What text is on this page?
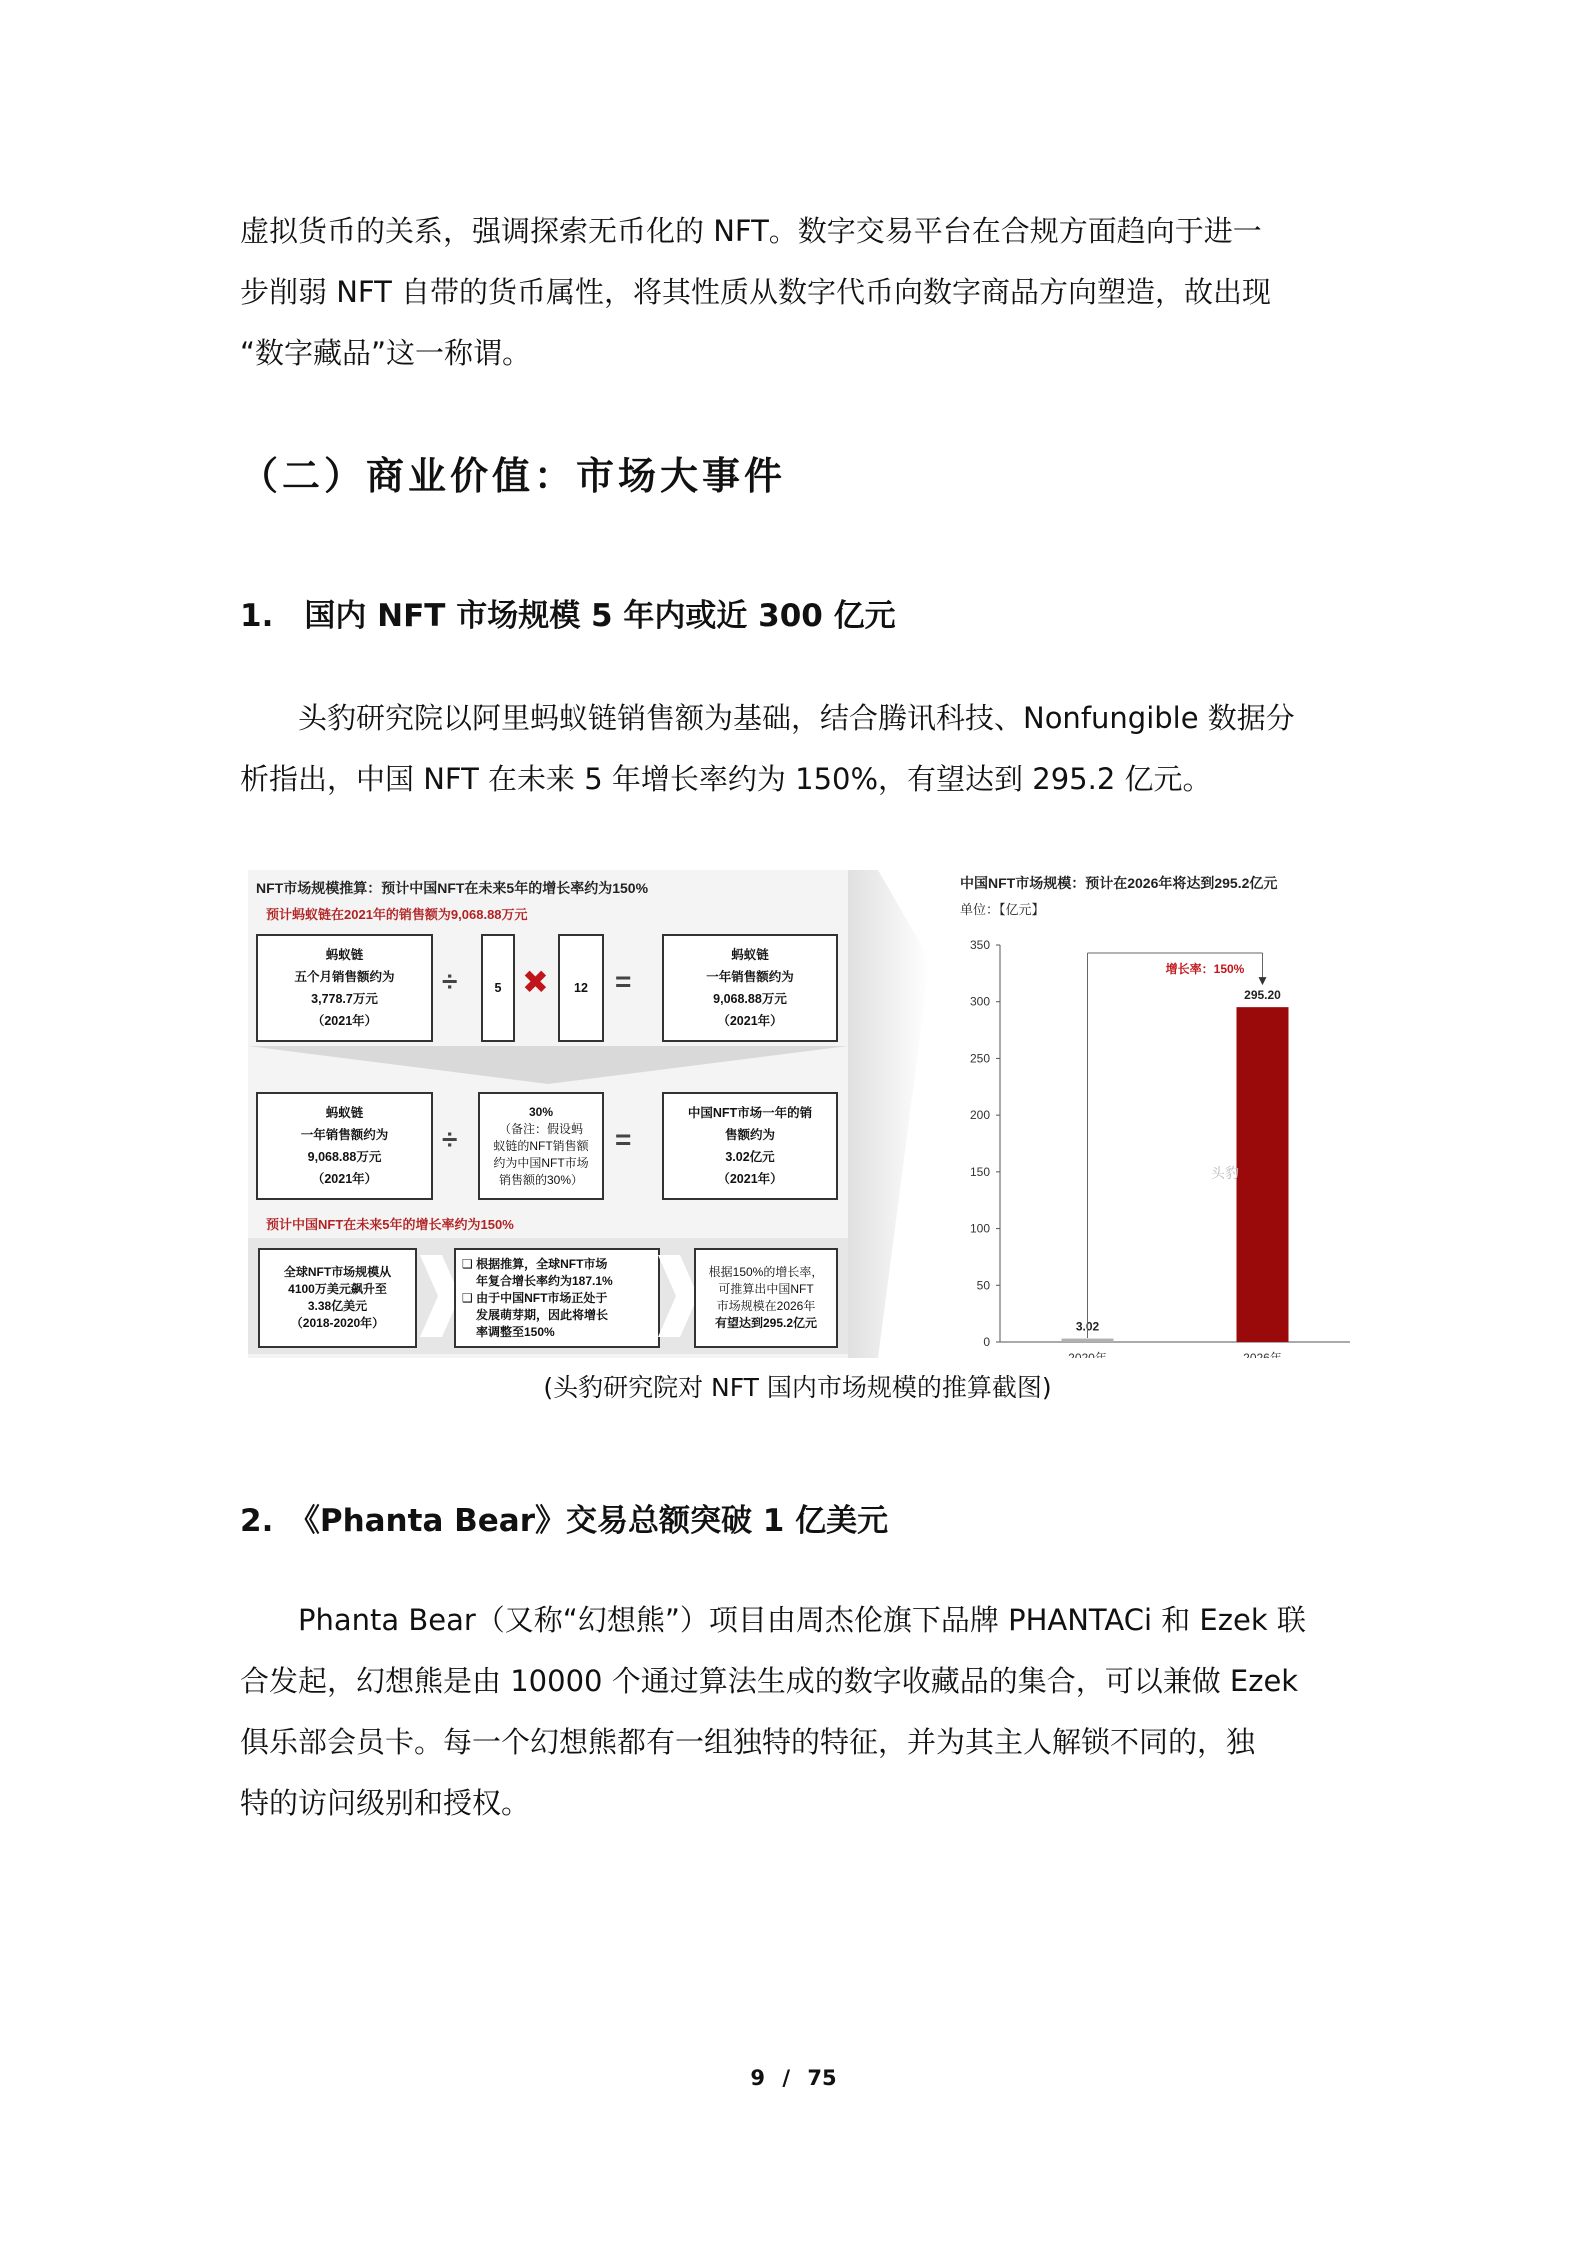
虚拟货币的关系，强调探索无币化的 NFT。数字交易平台在合规方面趋向于进一
步削弱 NFT 自带的货币属性，将其性质从数字代币向数字商品方向塑造，故出现
“数字藏品”这一称谓。
（二）商业价值：市场大事件
1.　国内 NFT 市场规模 5 年内或近 300 亿元
　　头豹研究院以阿里蚂蚁链销售额为基础，结合腾讯科技、Nonfungible 数据分
析指出，中国 NFT 在未来 5 年增长率约为 150%，有望达到 295.2 亿元。
NFT市场规模推算：预计中国NFT在未来5年的增长率约为150%
预计蚂蚁链在2021年的销售额为9,068.88万元
蚂蚁链
五个月销售额约为
3,778.7万元
（2021年）
÷	5 ✖	12 =
蚂蚁链
一年销售额约为
9,068.88万元
（2021年）
蚂蚁链
一年销售额约为
9,068.88万元
（2021年）
÷
30%
（备注：假设蚂
蚁链的NFT销售额
约为中国NFT市场
销售额的30%）
=
中国NFT市场一年的销
售额约为
3.02亿元
（2021年）
预计中国NFT在未来5年的增长率约为150%
全球NFT市场规模从
4100万美元飙升至
3.38亿美元
（2018-2020年）
❑ 根据推算，全球NFT市场
年复合增长率约为187.1%
❑ 由于中国NFT市场正处于
发展萌芽期，因此将增长
率调整至150%
根据150%的增长率，
可推算出中国NFT
市场规模在2026年
有望达到295.2亿元
中国NFT市场规模：预计在2026年将达到295.2亿元
单位：【亿元】
0
50
100
150
200
250
300
350
3.02
2020年
295.20
2026年
增长率：150%
头豹
(头豹研究院对 NFT 国内市场规模的推算截图)
2.　《Phanta Bear》交易总额突破 1 亿美元
　　Phanta Bear（又称“幻想熊”）项目由周杰伦旗下品牌 PHANTACi 和 Ezek 联
合发起，幻想熊是由 10000 个通过算法生成的数字收藏品的集合，可以兼做 Ezek
俱乐部会员卡。每一个幻想熊都有一组独特的特征，并为其主人解锁不同的，独
特的访问级别和授权。
9 / 75
